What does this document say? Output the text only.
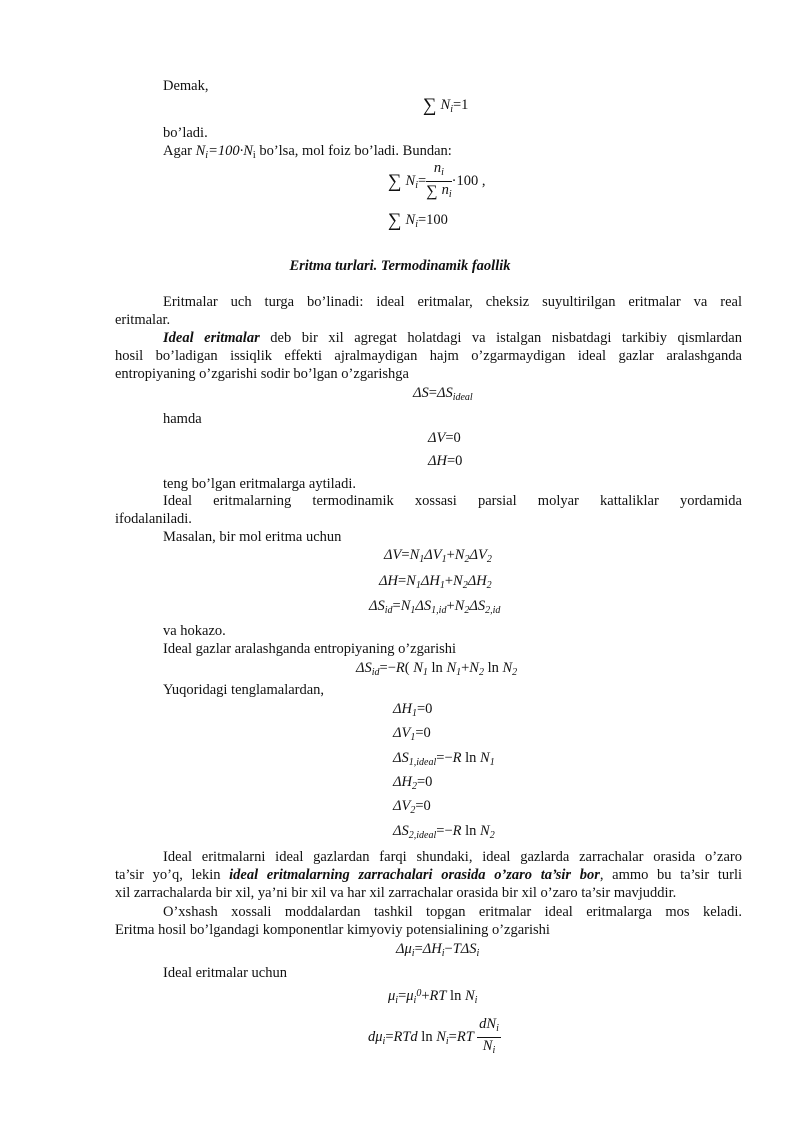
Demak,
∑ $N_i=1$
bo’ladi.
Agar $N_i=100\cdot N_i$ bo’lsa, mol foiz bo’ladi. Bundan:
∑ $N_i= \frac{n_i}{\sum n_i} \cdot 100$ ,
∑ $N_i=100$
Eritma turlari. Termodinamik faollik
Eritmalar uch turga bo’linadi: ideal eritmalar, cheksiz suyultirilgan eritmalar va real
eritmalar.
Ideal eritmalar deb bir xil agregat holatdagi va istalgan nisbatdagi tarkibiy qismlardan
hosil bo’ladigan issiqlik effekti ajralmaydigan hajm o’zgarmaydigan ideal gazlar aralashganda
entropiyaning o’zgarishi sodir bo’lgan o’zgarishga
$\Delta S=\Delta S_{ideal}$
hamda
ΔV=0
ΔH=0
teng bo’lgan eritmalarga aytiladi.
Ideal eritmalarning termodinamik xossasi parsial molyar kattaliklar yordamida
ifodalaniladi.
Masalan, bir mol eritma uchun
$\Delta V=N_1\Delta V_1+N_2\Delta V_2$
$\Delta H=N_1\Delta H_1+N_2\Delta H_2$
$\Delta S_{id}=N_1\Delta S_{1,id}+N_2\Delta S_{2,id}$
va hokazo.
Ideal gazlar aralashganda entropiyaning o’zgarishi
$\Delta S_{id}=-R$( $N_1$ $\ln N_1+N_2$ $\ln N_2$
Yuqoridagi tenglamalardan,
$\Delta H_1=0$
$\Delta V_1=0$
$\Delta S_{1,ideal}=-R$ $\ln N_1$
$\Delta H_2=0$
$\Delta V_2=0$
$\Delta S_{2,ideal}=-R$ $\ln N_2$
Ideal eritmalarni ideal gazlardan farqi shundaki, ideal gazlarda zarrachalar orasida o’zaro
ta’sir yo’q, lekin ideal eritmalarning zarrachalari orasida o’zaro ta’sir bor, ammo bu ta’sir turli
xil zarrachalarda bir xil, ya’ni bir xil va har xil zarrachalar orasida bir xil o’zaro ta’sir mavjuddir.
O’xshash xossali moddalardan tashkil topgan eritmalar ideal eritmalarga mos keladi.
Eritma hosil bo’lgandagi komponentlar kimyoviy potensialining o’zgarishi
$\Delta\mu_i=\Delta H_i-T\Delta S_i$
Ideal eritmalar uchun
$\mu_i=\mu_{i0}+RT$ $\ln N_i$
$d\mu_i=RTd$ $\ln N_i=RT \frac{dN_i}{N_i}$
